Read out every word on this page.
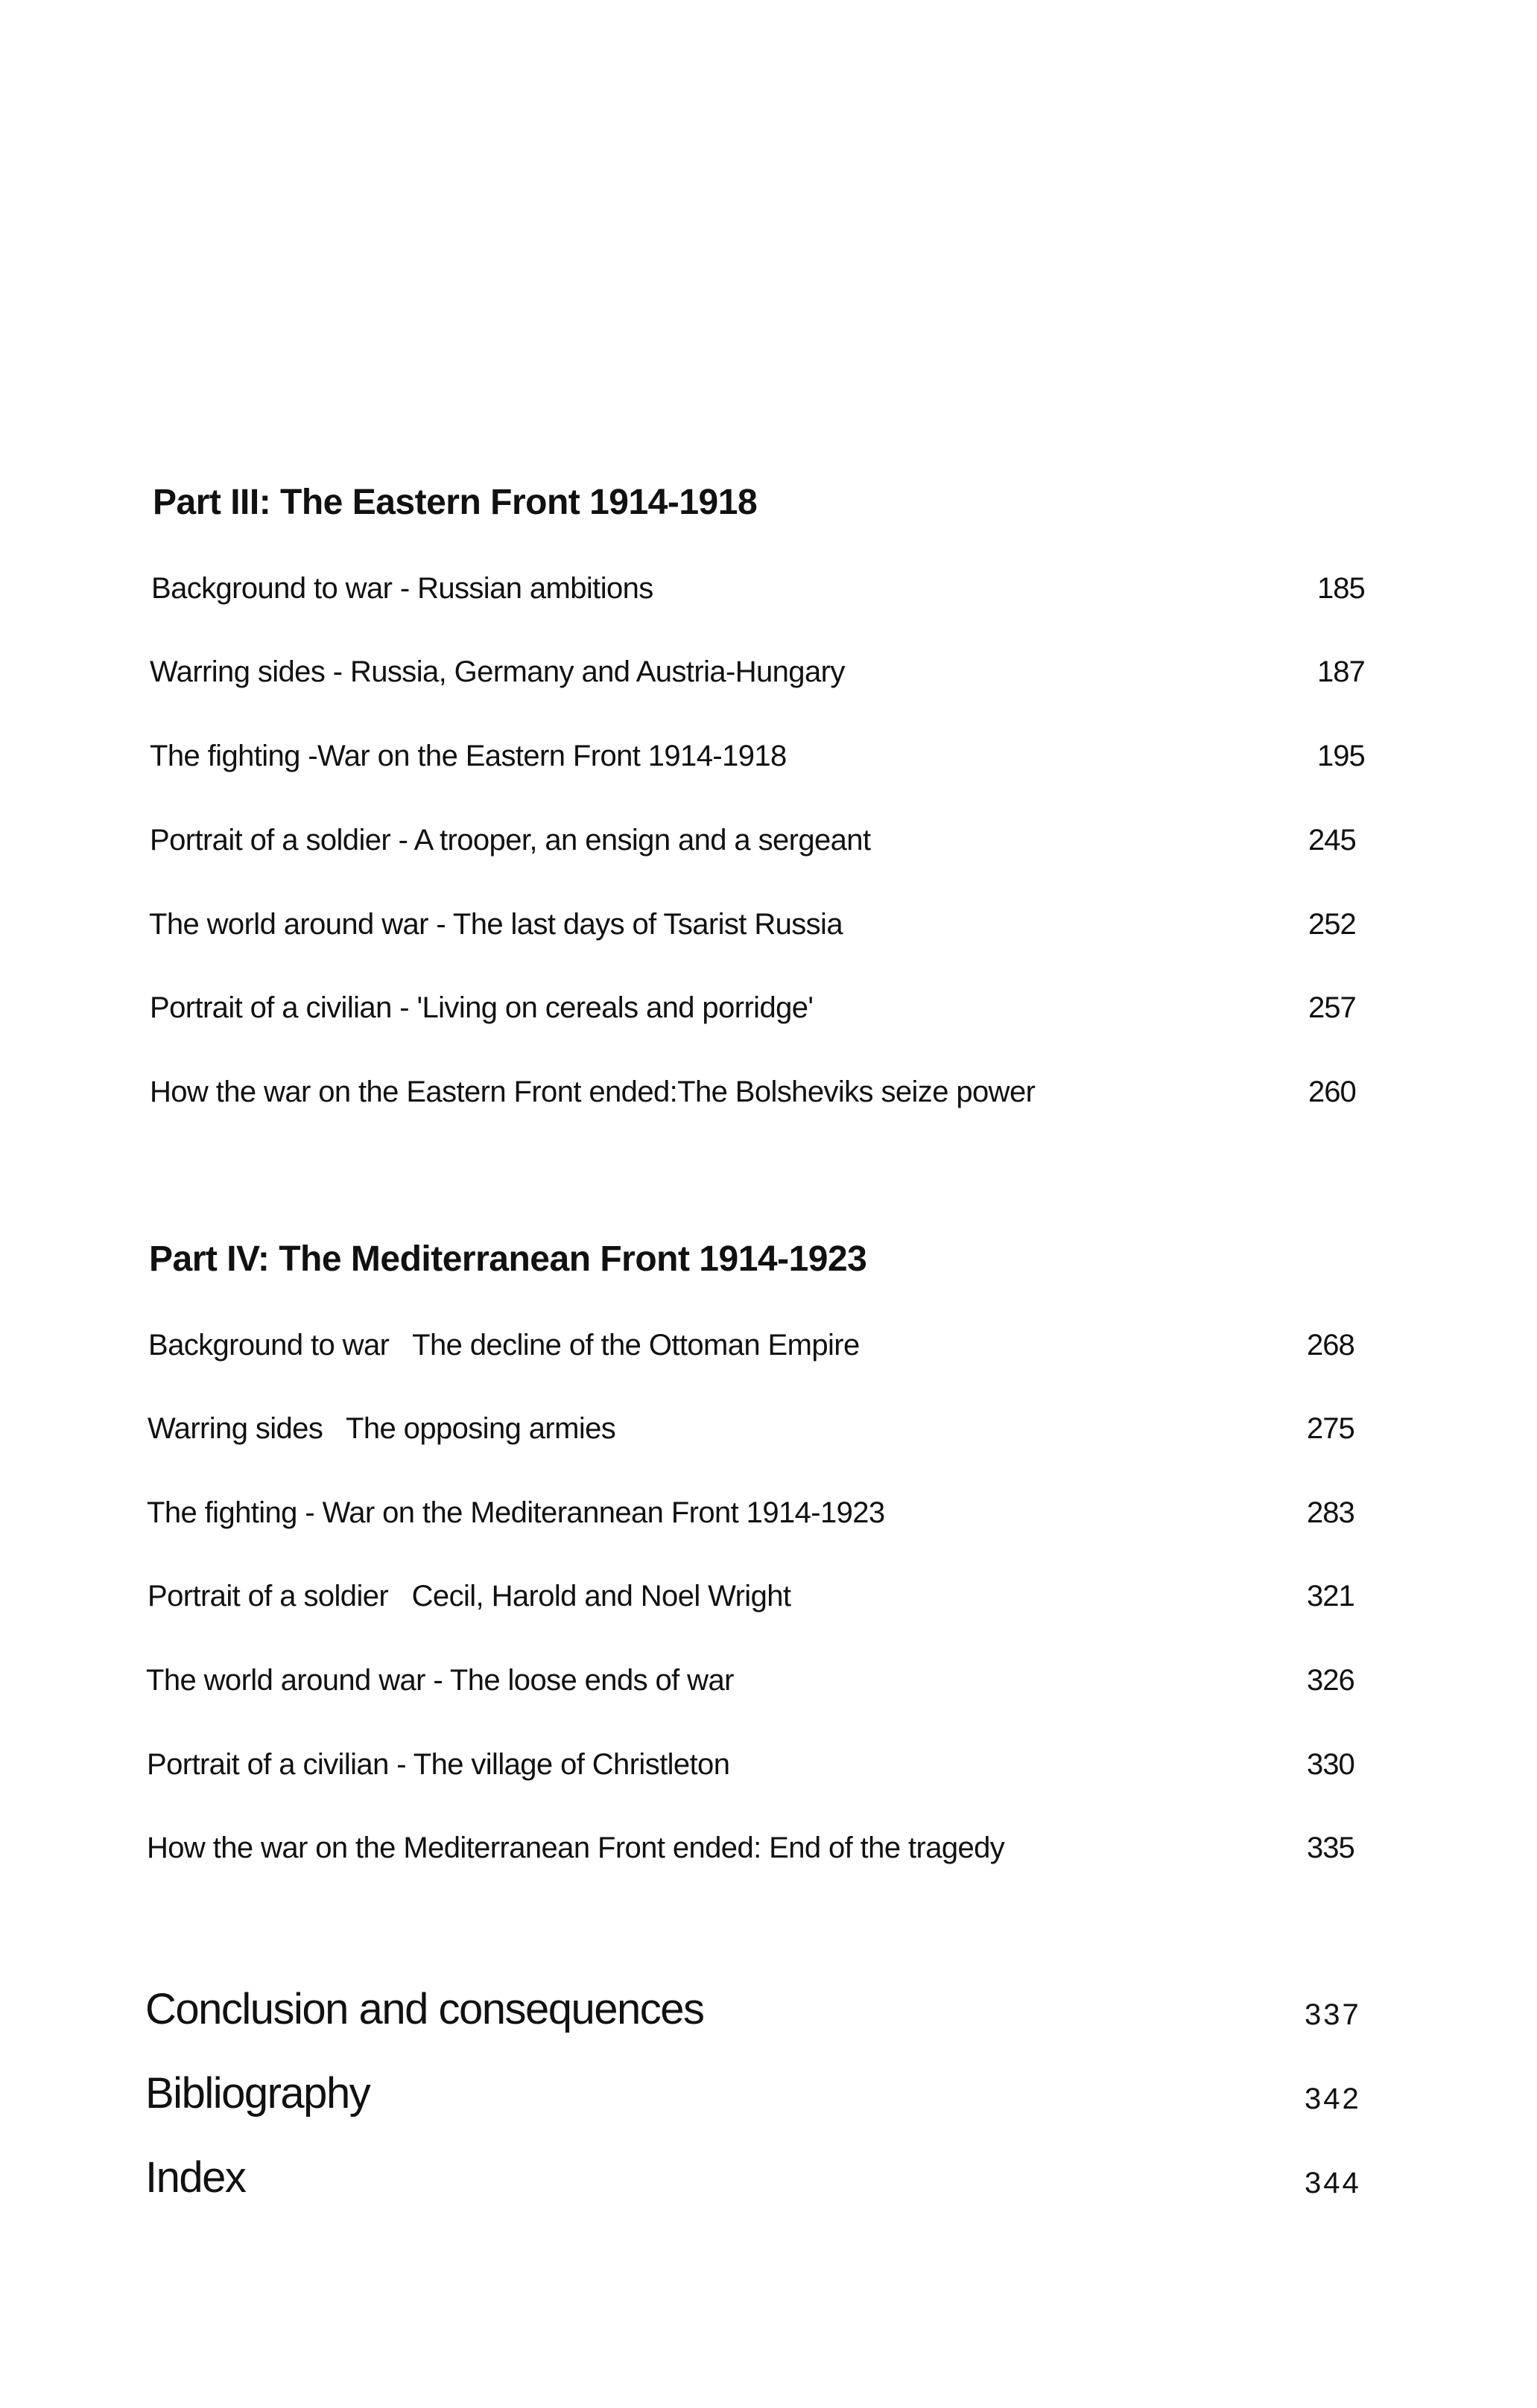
Part III: The Eastern Front 1914-1918
Background to war - Russian ambitions	185
Warring sides - Russia, Germany and Austria-Hungary	187
The fighting -War on the Eastern Front 1914-1918	195
Portrait of a soldier - A trooper, an ensign and a sergeant	245
The world around war - The last days of Tsarist Russia	252
Portrait of a civilian - 'Living on cereals and porridge'	257
How the war on the Eastern Front ended:The Bolsheviks seize power	260
Part IV: The Mediterranean Front 1914-1923
Background to war   The decline of the Ottoman Empire	268
Warring sides   The opposing armies	275
The fighting - War on the Mediterannean Front 1914-1923	283
Portrait of a soldier   Cecil, Harold and Noel Wright	321
The world around war - The loose ends of war	326
Portrait of a civilian - The village of Christleton	330
How the war on the Mediterranean Front ended: End of the tragedy	335
Conclusion and consequences	337
Bibliography	342
Index	344
